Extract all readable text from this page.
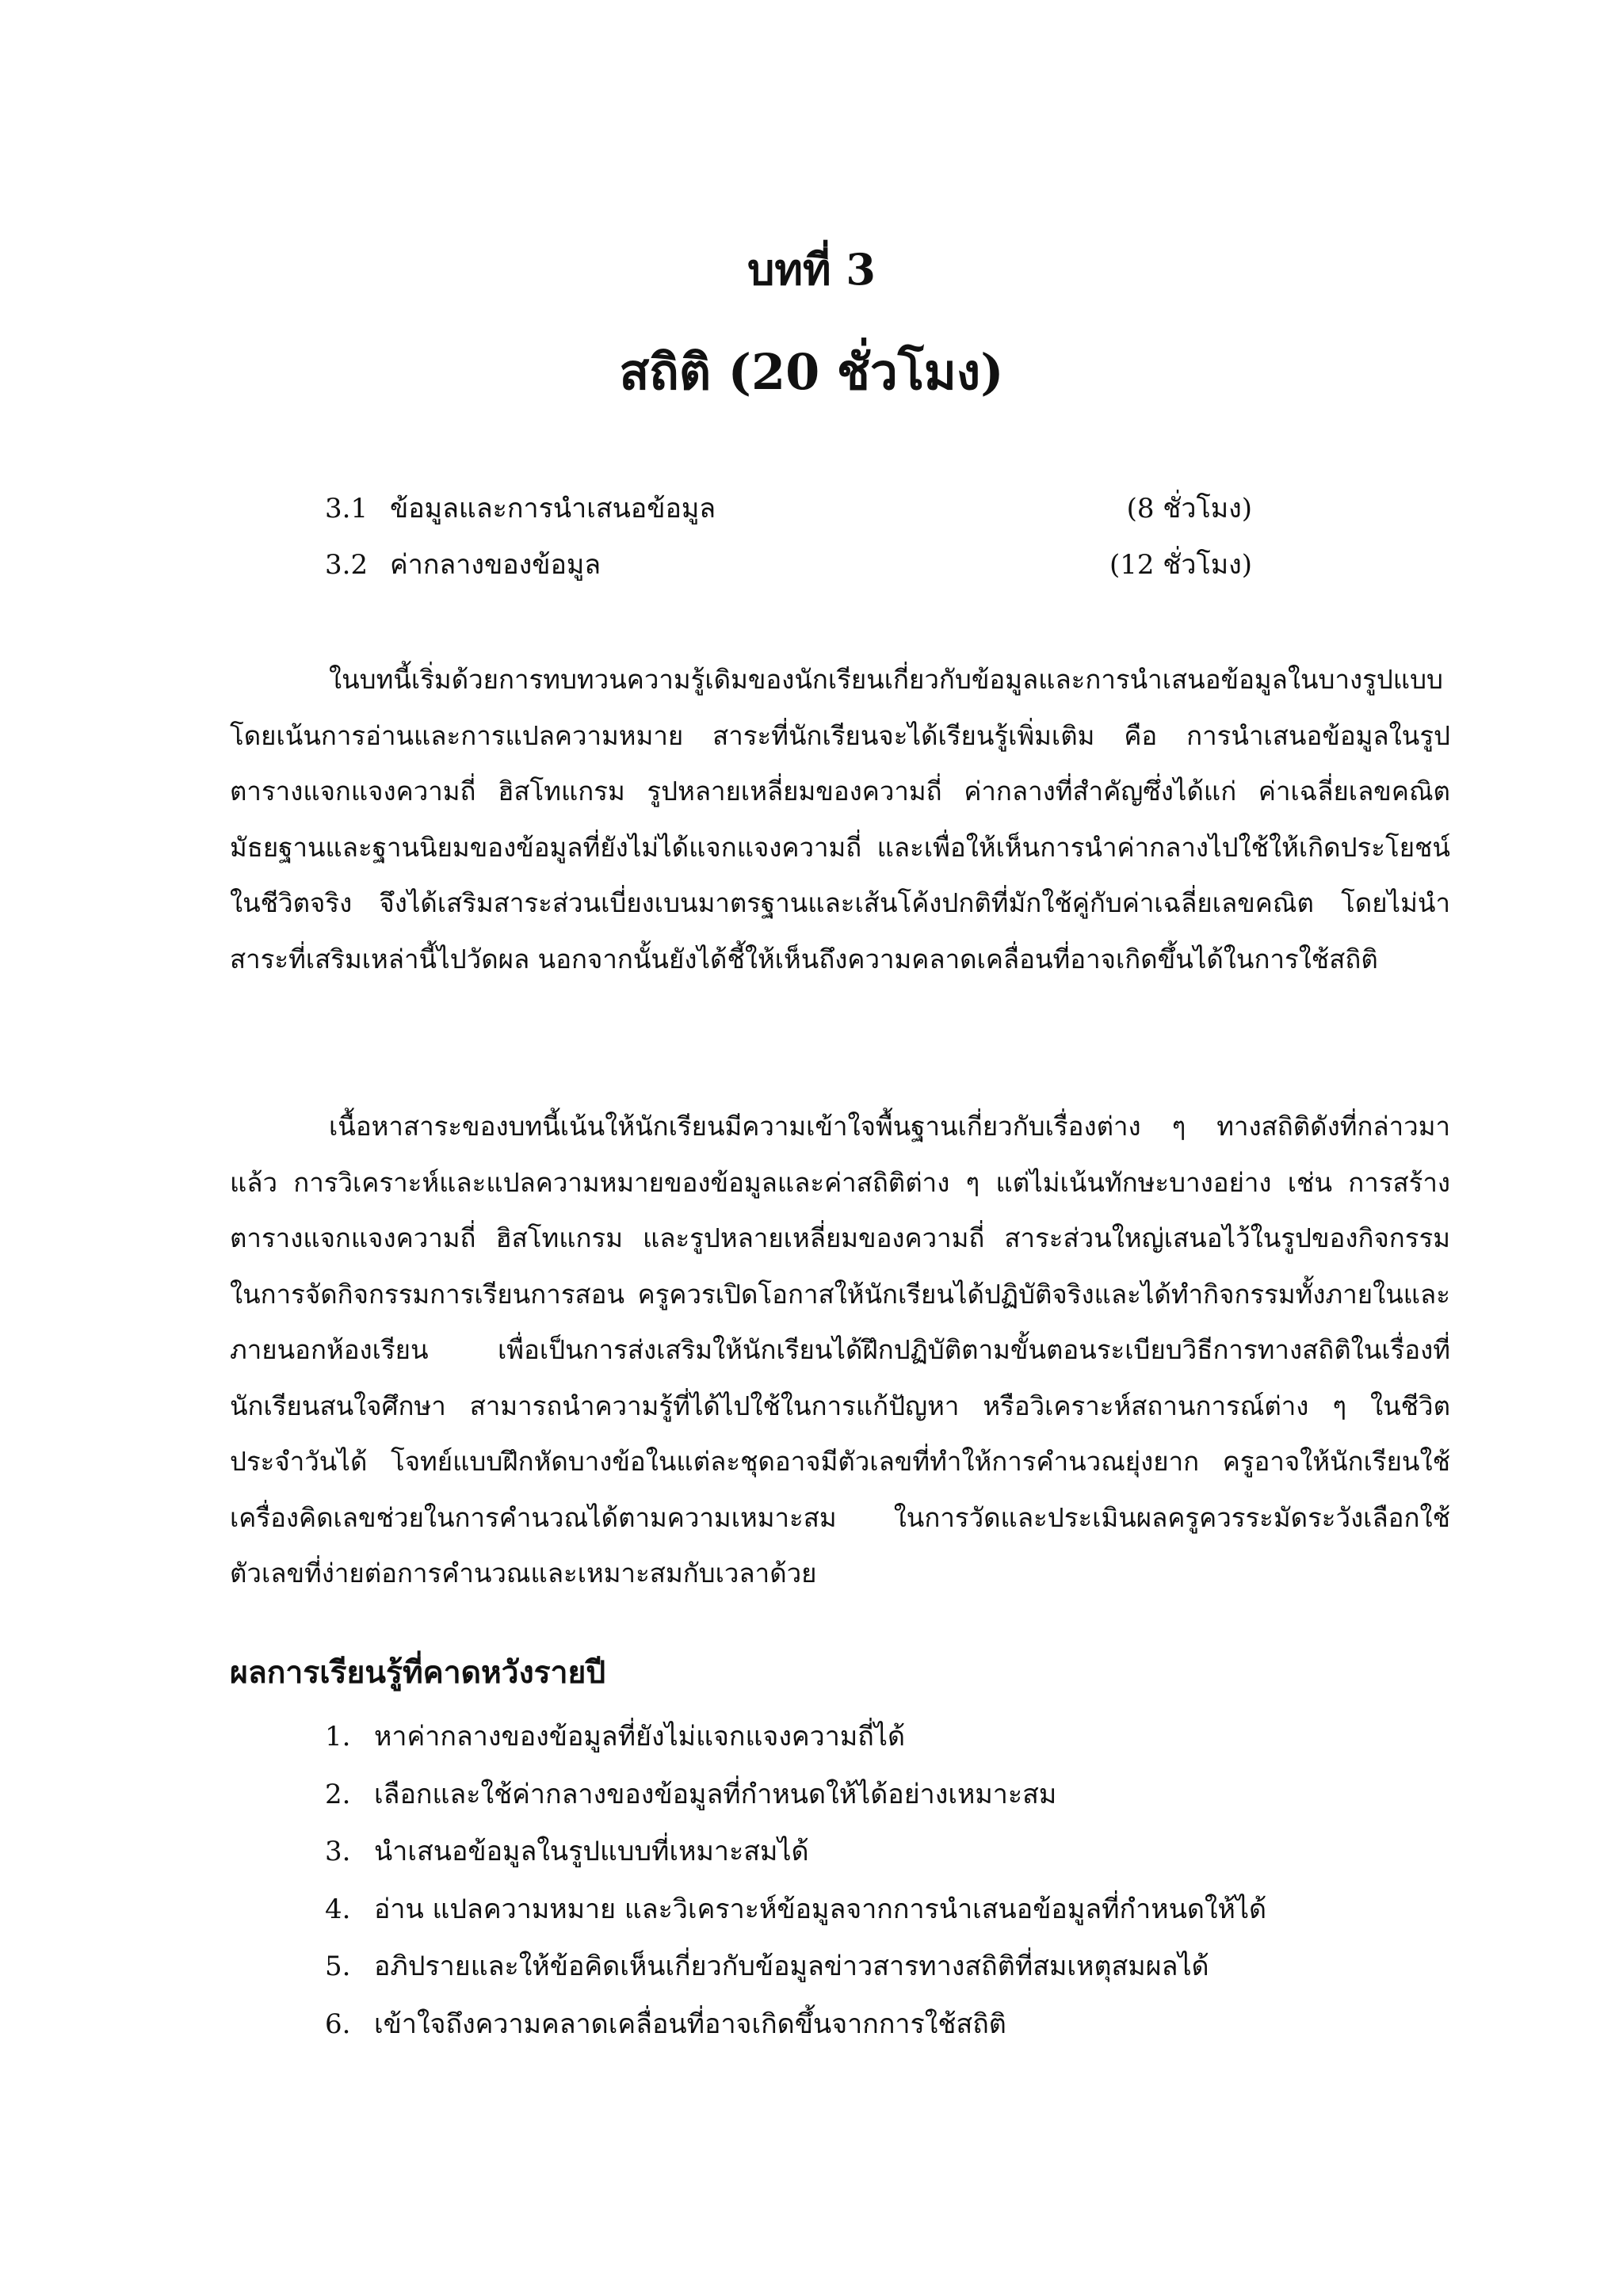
บทที่ 3
สถิติ (20 ชั่วโมง)
3.1 ข้อมูลและการนำเสนอข้อมูล	(8 ชั่วโมง)
3.2 ค่ากลางของข้อมูล	(12 ชั่วโมง)

ในบทนี้เริ่มด้วยการทบทวนความรู้เดิมของนักเรียนเกี่ยวกับข้อมูลและการนำเสนอข้อมูลในบางรูปแบบ โดยเน้นการอ่านและการแปลความหมาย สาระที่นักเรียนจะได้เรียนรู้เพิ่มเติม คือ การนำเสนอข้อมูลในรูปตารางแจกแจงความถี่ ฮิสโทแกรม รูปหลายเหลี่ยมของความถี่ ค่ากลางที่สำคัญซึ่งได้แก่ ค่าเฉลี่ยเลขคณิต มัธยฐานและฐานนิยมของข้อมูลที่ยังไม่ได้แจกแจงความถี่ และเพื่อให้เห็นการนำค่ากลางไปใช้ให้เกิดประโยชน์ในชีวิตจริง จึงได้เสริมสาระส่วนเบี่ยงเบนมาตรฐานและเส้นโค้งปกติที่มักใช้คู่กับค่าเฉลี่ยเลขคณิต โดยไม่นำสาระที่เสริมเหล่านี้ไปวัดผล นอกจากนั้นยังได้ชี้ให้เห็นถึงความคลาดเคลื่อนที่อาจเกิดขึ้นได้ในการใช้สถิติ

เนื้อหาสาระของบทนี้เน้นให้นักเรียนมีความเข้าใจพื้นฐานเกี่ยวกับเรื่องต่าง ๆ ทางสถิติดังที่กล่าวมาแล้ว การวิเคราะห์และแปลความหมายของข้อมูลและค่าสถิติต่าง ๆ แต่ไม่เน้นทักษะบางอย่าง เช่น การสร้างตารางแจกแจงความถี่ ฮิสโทแกรม และรูปหลายเหลี่ยมของความถี่ สาระส่วนใหญ่เสนอไว้ในรูปของกิจกรรม ในการจัดกิจกรรมการเรียนการสอน ครูควรเปิดโอกาสให้นักเรียนได้ปฏิบัติจริงและได้ทำกิจกรรมทั้งภายในและภายนอกห้องเรียน เพื่อเป็นการส่งเสริมให้นักเรียนได้ฝึกปฏิบัติตามขั้นตอนระเบียบวิธีการทางสถิติในเรื่องที่นักเรียนสนใจศึกษา สามารถนำความรู้ที่ได้ไปใช้ในการแก้ปัญหา หรือวิเคราะห์สถานการณ์ต่าง ๆ ในชีวิตประจำวันได้ โจทย์แบบฝึกหัดบางข้อในแต่ละชุดอาจมีตัวเลขที่ทำให้การคำนวณยุ่งยาก ครูอาจให้นักเรียนใช้เครื่องคิดเลขช่วยในการคำนวณได้ตามความเหมาะสม ในการวัดและประเมินผลครูควรระมัดระวังเลือกใช้ตัวเลขที่ง่ายต่อการคำนวณและเหมาะสมกับเวลาด้วย

ผลการเรียนรู้ที่คาดหวังรายปี
1. หาค่ากลางของข้อมูลที่ยังไม่แจกแจงความถี่ได้
2. เลือกและใช้ค่ากลางของข้อมูลที่กำหนดให้ได้อย่างเหมาะสม
3. นำเสนอข้อมูลในรูปแบบที่เหมาะสมได้
4. อ่าน แปลความหมาย และวิเคราะห์ข้อมูลจากการนำเสนอข้อมูลที่กำหนดให้ได้
5. อภิปรายและให้ข้อคิดเห็นเกี่ยวกับข้อมูลข่าวสารทางสถิติที่สมเหตุสมผลได้
6. เข้าใจถึงความคลาดเคลื่อนที่อาจเกิดขึ้นจากการใช้สถิติ
